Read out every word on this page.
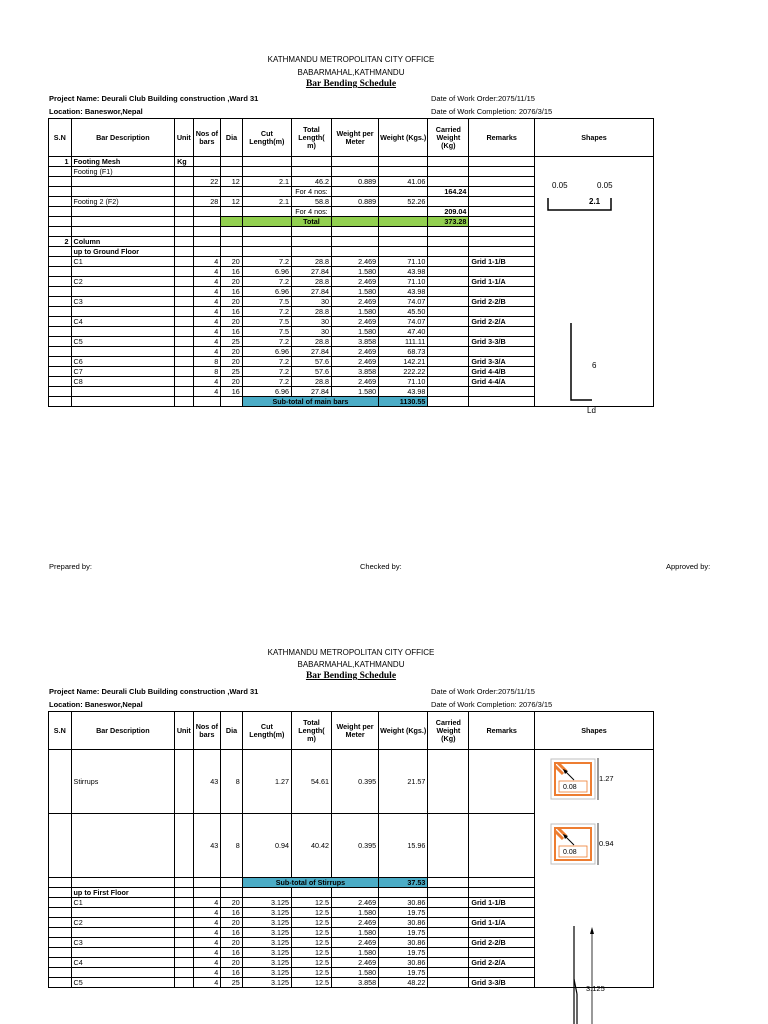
KATHMANDU METROPOLITAN CITY OFFICE
BABARMAHAL,KATHMANDU
Bar Bending Schedule
Project Name: Deurali Club Building construction ,Ward 31
Location: Baneswor,Nepal
Date of Work Order:2075/11/15
Date of Work Completion: 2076/3/15
S.N	Bar Description	Unit	Nos of bars	Dia	Cut Length(m)	Total Length( m)	Weight per Meter	Weight (Kgs.)	Carried Weight (Kg)	Remarks	Shapes
1	Footing Mesh	Kg									
	Footing (F1)										
			22	12	2.1	46.2	0.889	41.06			
						For 4 nos:			164.24		
	Footing 2 (F2)		28	12	2.1	58.8	0.889	52.26			
						For 4 nos:			209.04		
						Total			373.28		

2	Column										
	up to Ground Floor										
	C1		4	20	7.2	28.8	2.469	71.10		Grid 1-1/B	
			4	16	6.96	27.84	1.580	43.98			
	C2		4	20	7.2	28.8	2.469	71.10		Grid 1-1/A	
			4	16	6.96	27.84	1.580	43.98			
	C3		4	20	7.5	30	2.469	74.07		Grid 2-2/B	
			4	16	7.2	28.8	1.580	45.50			
	C4		4	20	7.5	30	2.469	74.07		Grid 2-2/A	
			4	16	7.5	30	1.580	47.40			
	C5		4	25	7.2	28.8	3.858	111.11		Grid 3-3/B	
			4	20	6.96	27.84	2.469	68.73			
	C6		8	20	7.2	57.6	2.469	142.21		Grid 3-3/A	
	C7		8	25	7.2	57.6	3.858	222.22		Grid 4-4/B	
	C8		4	20	7.2	28.8	2.469	71.10		Grid 4-4/A	
			4	16	6.96	27.84	1.580	43.98			
					Sub-total of main bars			1130.55			
0.05	0.05
2.1
6
Ld
Prepared by:	Checked by:	Approved by:
KATHMANDU METROPOLITAN CITY OFFICE
BABARMAHAL,KATHMANDU
Bar Bending Schedule
Project Name: Deurali Club Building construction ,Ward 31
Location: Baneswor,Nepal
Date of Work Order:2075/11/15
Date of Work Completion: 2076/3/15
S.N	Bar Description	Unit	Nos of bars	Dia	Cut Length(m)	Total Length( m)	Weight per Meter	Weight (Kgs.)	Carried Weight (Kg)	Remarks	Shapes
	Stirrups		43	8	1.27	54.61	0.395	21.57			
			43	8	0.94	40.42	0.395	15.96			
					Sub-total of Stirrups			37.53			
	up to First Floor										
	C1		4	20	3.125	12.5	2.469	30.86		Grid 1-1/B	
			4	16	3.125	12.5	1.580	19.75			
	C2		4	20	3.125	12.5	2.469	30.86		Grid 1-1/A	
			4	16	3.125	12.5	1.580	19.75			
	C3		4	20	3.125	12.5	2.469	30.86		Grid 2-2/B	
			4	16	3.125	12.5	1.580	19.75			
	C4		4	20	3.125	12.5	2.469	30.86		Grid 2-2/A	
			4	16	3.125	12.5	1.580	19.75			
	C5		4	25	3.125	12.5	3.858	48.22		Grid 3-3/B	
0.08
1.27
0.08
0.94
3.125
